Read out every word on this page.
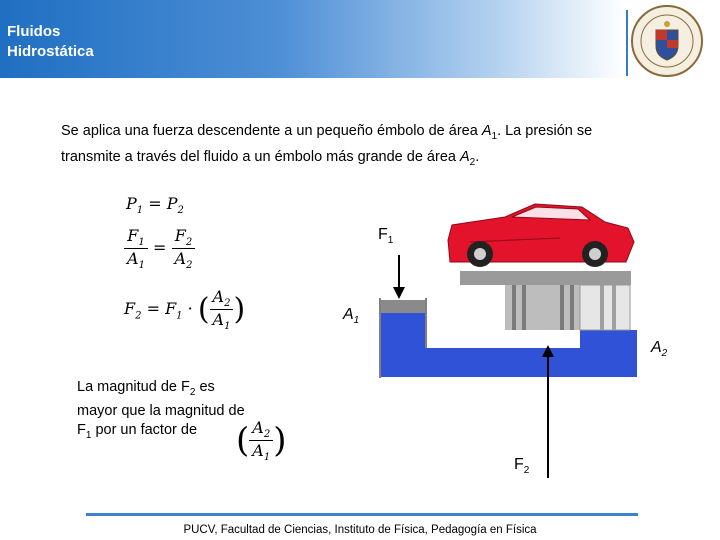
Fluidos
Hidrostática
Se aplica una fuerza descendente a un pequeño émbolo de área $A_1$. La presión se transmite a través del fluido a un émbolo más grande de área $A_2$.
$P_1 = P_2$
$\frac{F_1}{A_1} = \frac{F_2}{A_2}$
$F_2 = F_1$ · ( $\frac{A_2}{A_1}$ )
$F_1$
$A_1$
$A_2$
$F_2$
La magnitud de $F_2$ es mayor que la magnitud de $F_1$ por un factor de	( $\frac{A_2}{A_1}$ )
PUCV, Facultad de Ciencias, Instituto de Física, Pedagogía en Física
